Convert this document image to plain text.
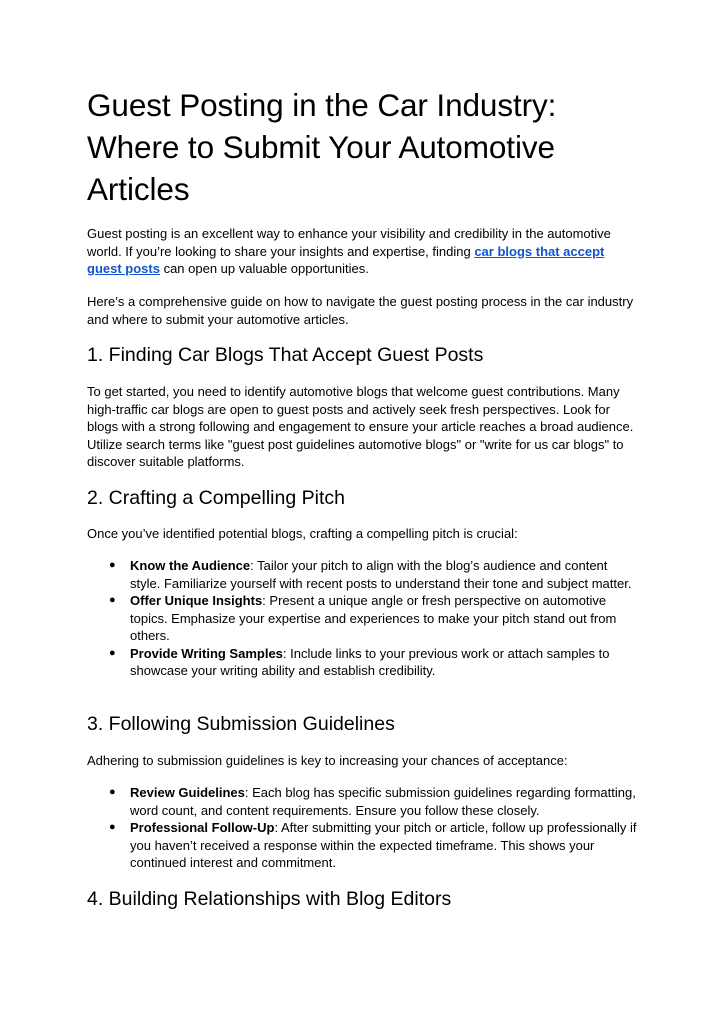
Guest Posting in the Car Industry: Where to Submit Your Automotive Articles

Guest posting is an excellent way to enhance your visibility and credibility in the automotive world. If you’re looking to share your insights and expertise, finding car blogs that accept guest posts can open up valuable opportunities.

Here’s a comprehensive guide on how to navigate the guest posting process in the car industry and where to submit your automotive articles.

1. Finding Car Blogs That Accept Guest Posts

To get started, you need to identify automotive blogs that welcome guest contributions. Many high-traffic car blogs are open to guest posts and actively seek fresh perspectives. Look for blogs with a strong following and engagement to ensure your article reaches a broad audience. Utilize search terms like "guest post guidelines automotive blogs" or "write for us car blogs" to discover suitable platforms.

2. Crafting a Compelling Pitch

Once you’ve identified potential blogs, crafting a compelling pitch is crucial:

● Know the Audience: Tailor your pitch to align with the blog’s audience and content style. Familiarize yourself with recent posts to understand their tone and subject matter.
● Offer Unique Insights: Present a unique angle or fresh perspective on automotive topics. Emphasize your expertise and experiences to make your pitch stand out from others.
● Provide Writing Samples: Include links to your previous work or attach samples to showcase your writing ability and establish credibility.
3. Following Submission Guidelines

Adhering to submission guidelines is key to increasing your chances of acceptance:

● Review Guidelines: Each blog has specific submission guidelines regarding formatting, word count, and content requirements. Ensure you follow these closely.
● Professional Follow-Up: After submitting your pitch or article, follow up professionally if you haven’t received a response within the expected timeframe. This shows your continued interest and commitment.
4. Building Relationships with Blog Editors
